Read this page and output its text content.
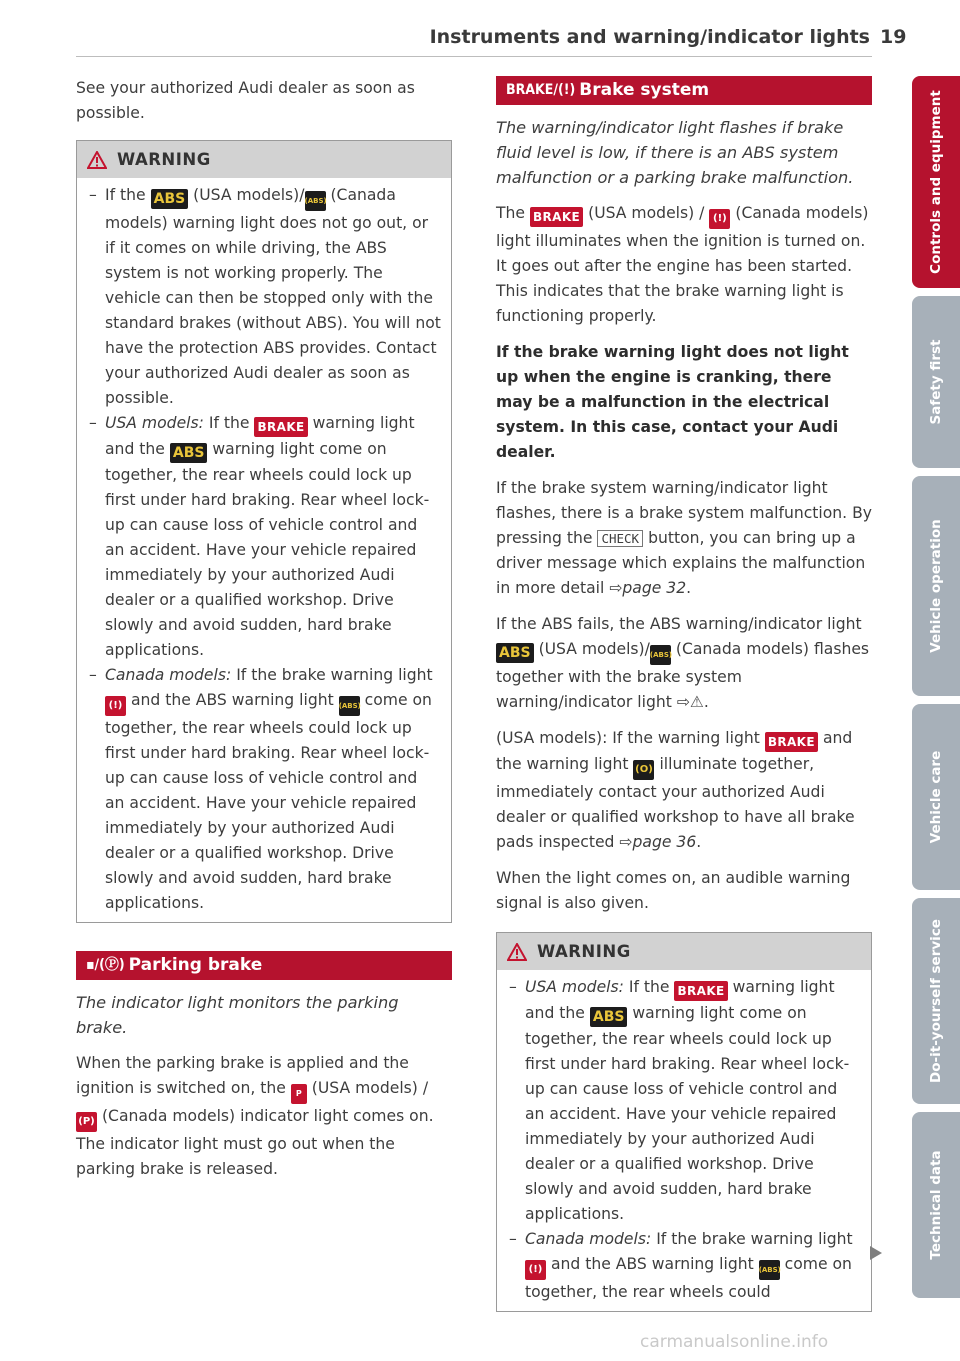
Instruments and warning/indicator lights 19

See your authorized Audi dealer as soon as possible.

WARNING
– If the ABS (USA models)/(ABS) (Canada models) warning light does not go out, or if it comes on while driving, the ABS system is not working properly. The vehicle can then be stopped only with the standard brakes (without ABS). You will not have the protection ABS provides. Contact your authorized Audi dealer as soon as possible.
– USA models: If the BRAKE warning light and the ABS warning light come on together, the rear wheels could lock up first under hard braking. Rear wheel lock-up can cause loss of vehicle control and an accident. Have your vehicle repaired immediately by your authorized Audi dealer or a qualified workshop. Drive slowly and avoid sudden, hard brake applications.
– Canada models: If the brake warning light (!) and the ABS warning light (ABS) come on together, the rear wheels could lock up first under hard braking. Rear wheel lock-up can cause loss of vehicle control and an accident. Have your vehicle repaired immediately by your authorized Audi dealer or a qualified workshop. Drive slowly and avoid sudden, hard brake applications.
▪/(Ⓟ) Parking brake

The indicator light monitors the parking brake.

When the parking brake is applied and the ignition is switched on, the P (USA models) / (P) (Canada models) indicator light comes on. The indicator light must go out when the parking brake is released.

BRAKE/(!) Brake system

The warning/indicator light flashes if brake fluid level is low, if there is an ABS system malfunction or a parking brake malfunction.

The BRAKE (USA models) / (!) (Canada models) light illuminates when the ignition is turned on. It goes out after the engine has been started. This indicates that the brake warning light is functioning properly.

If the brake warning light does not light up when the engine is cranking, there may be a malfunction in the electrical system. In this case, contact your Audi dealer.

If the brake system warning/indicator light flashes, there is a brake system malfunction. By pressing the CHECK button, you can bring up a driver message which explains the malfunction in more detail ⇨page 32.

If the ABS fails, the ABS warning/indicator light ABS (USA models)/(ABS) (Canada models) flashes together with the brake system warning/indicator light ⇨⚠.

(USA models): If the warning light BRAKE and the warning light (O) illuminate together, immediately contact your authorized Audi dealer or qualified workshop to have all brake pads inspected ⇨page 36.

When the light comes on, an audible warning signal is also given.

WARNING
– USA models: If the BRAKE warning light and the ABS warning light come on together, the rear wheels could lock up first under hard braking. Rear wheel lock-up can cause loss of vehicle control and an accident. Have your vehicle repaired immediately by your authorized Audi dealer or a qualified workshop. Drive slowly and avoid sudden, hard brake applications.
– Canada models: If the brake warning light (!) and the ABS warning light (ABS) come on together, the rear wheels could
Controls and equipment
Safety first
Vehicle operation
Vehicle care
Do-it-yourself service
Technical data
carmanualsonline.info
